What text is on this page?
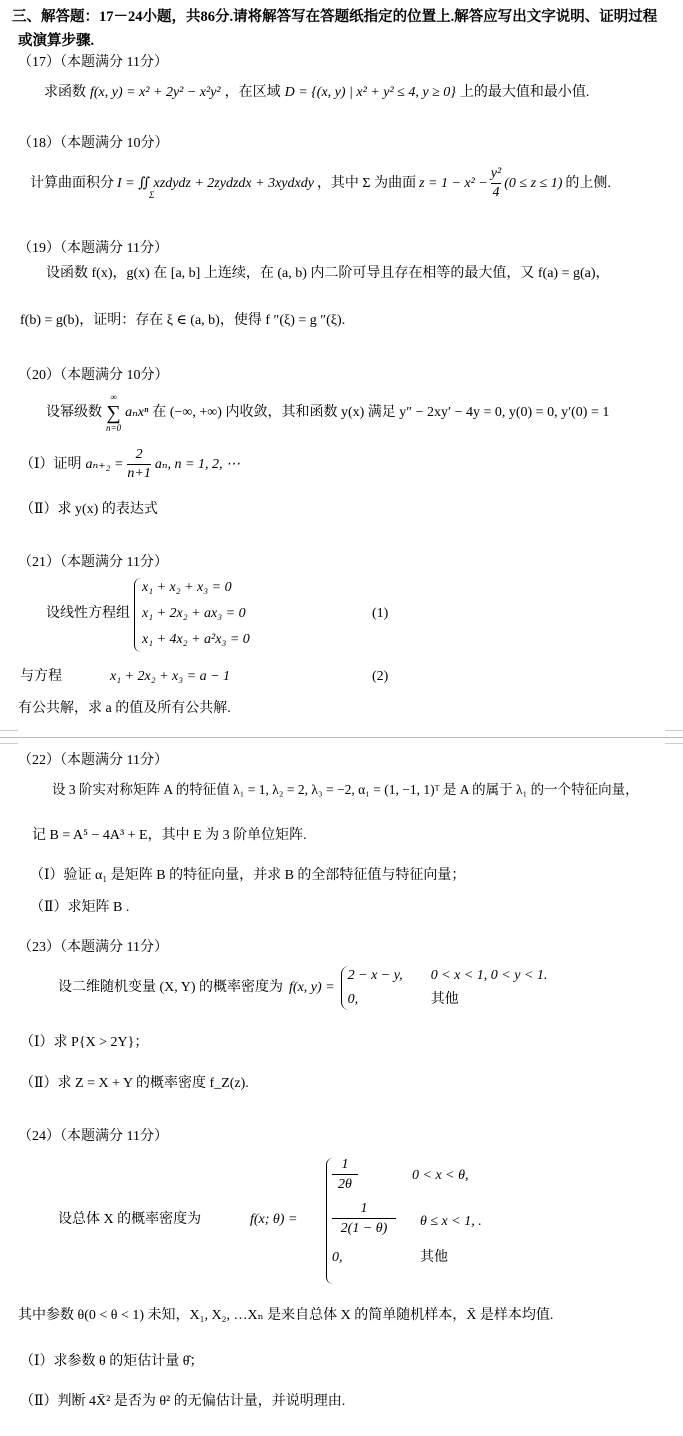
三、解答题：17－24小题，共86分.请将解答写在答题纸指定的位置上.解答应写出文字说明、证明过程
或演算步骤.
（17）（本题满分 11分）
求函数 f(x, y) = x² + 2y² − x²y² ，在区域 D = {(x, y) | x² + y² ≤ 4, y ≥ 0} 上的最大值和最小值.
（18）（本题满分 10分）
计算曲面积分 I = ∬ xzdydz + 2zydzdx + 3xydxdy
Σ
，其中 Σ 为曲面 z = 1 − x² −
y²
4
(0 ≤ z ≤ 1) 的上侧.
（19）（本题满分 11分）
设函数 f(x)，g(x) 在 [a, b] 上连续，在 (a, b) 内二阶可导且存在相等的最大值，又 f(a) = g(a)，
f(b) = g(b)，证明：存在 ξ ∈ (a, b)，使得 f ″(ξ) = g ″(ξ).
（20）（本题满分 10分）
设幂级数
∞
∑
n=0
aₙxⁿ 在 (−∞, +∞) 内收敛，其和函数 y(x) 满足 y″ − 2xy′ − 4y = 0, y(0) = 0, y′(0) = 1
（Ⅰ）证明 aₙ₊₂ =
2
n+1
aₙ, n = 1, 2, ⋯
（Ⅱ）求 y(x) 的表达式
（21）（本题满分 11分）
设线性方程组
x₁ + x₂ + x₃ = 0
x₁ + 2x₂ + ax₃ = 0
x₁ + 4x₂ + a²x₃ = 0
(1)
与方程	x₁ + 2x₂ + x₃ = a − 1	(2)
有公共解，求 a 的值及所有公共解.
（22）（本题满分 11分）
设 3 阶实对称矩阵 A 的特征值 λ₁ = 1, λ₂ = 2, λ₃ = −2, α₁ = (1, −1, 1)ᵀ 是 A 的属于 λ₁ 的一个特征向量，
记 B = A⁵ − 4A³ + E，其中 E 为 3 阶单位矩阵.
（Ⅰ）验证 α₁ 是矩阵 B 的特征向量，并求 B 的全部特征值与特征向量；
（Ⅱ）求矩阵 B .
（23）（本题满分 11分）
设二维随机变量 (X, Y) 的概率密度为 f(x, y) =
2 − x − y, 0 < x < 1, 0 < y < 1.
0,	其他
（Ⅰ）求 P{X > 2Y}；
（Ⅱ）求 Z = X + Y 的概率密度 f_Z(z).
（24）（本题满分 11分）
设总体 X 的概率密度为	f(x; θ) =
1
2θ
0 < x < θ,
1
2(1 − θ)	θ ≤ x < 1, .
0,	其他
其中参数 θ(0 < θ < 1) 未知，X₁, X₂, …Xₙ 是来自总体 X 的简单随机样本，X̄ 是样本均值.
（Ⅰ）求参数 θ 的矩估计量 θ̂；
（Ⅱ）判断 4X̄² 是否为 θ² 的无偏估计量，并说明理由.
